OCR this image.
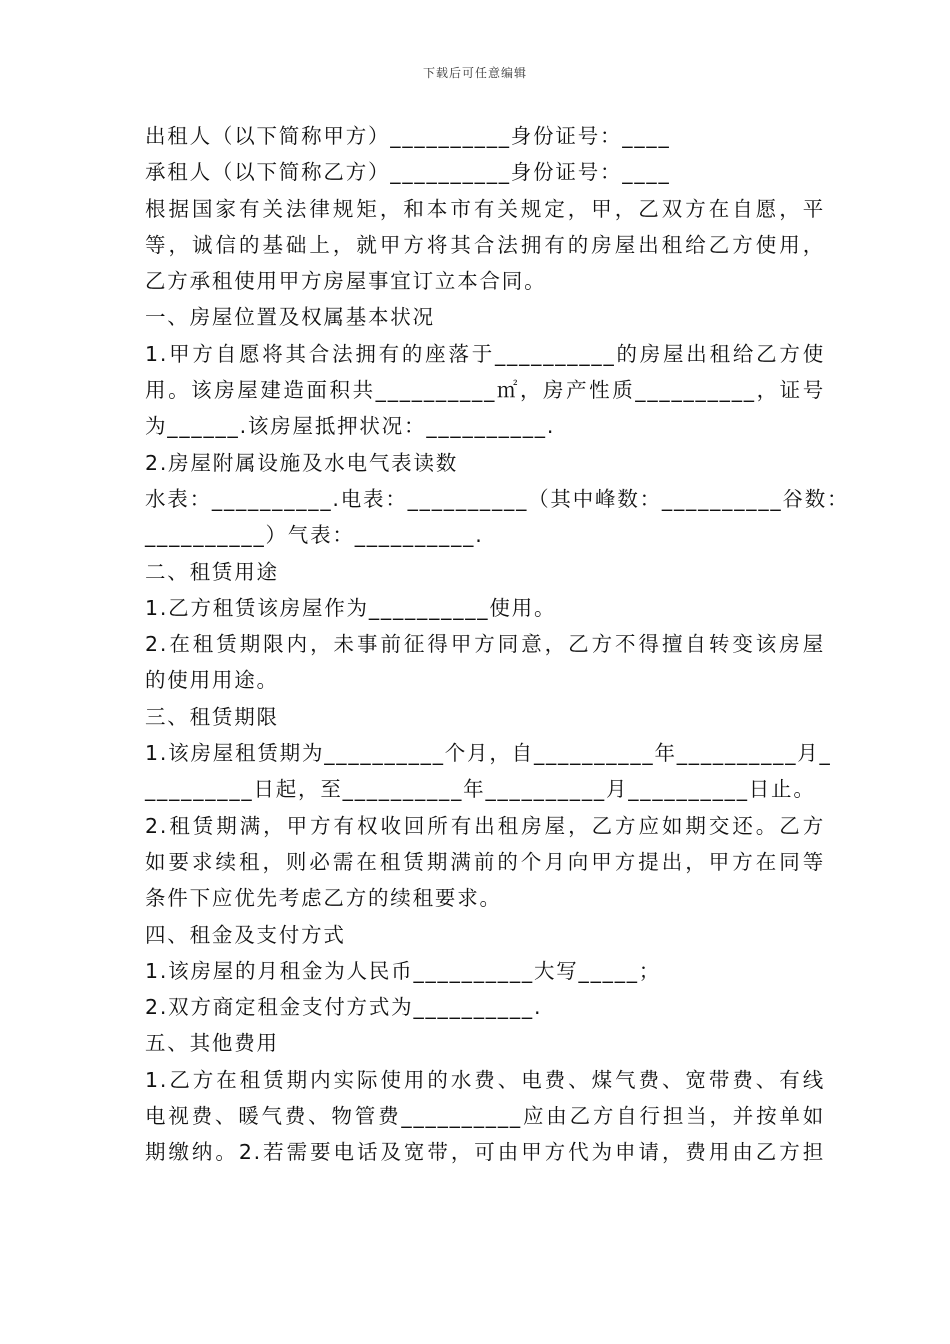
下载后可任意编辑
出租人（以下简称甲方）__________身份证号：____
承租人（以下简称乙方）__________身份证号：____
根据国家有关法律规矩，和本市有关规定，甲，乙双方在自愿，平
等，诚信的基础上，就甲方将其合法拥有的房屋出租给乙方使用，
乙方承租使用甲方房屋事宜订立本合同。
一、房屋位置及权属基本状况
1.甲方自愿将其合法拥有的座落于__________的房屋出租给乙方使
用。该房屋建造面积共__________㎡，房产性质__________，证号
为______.该房屋抵押状况：__________.
2.房屋附属设施及水电气表读数
水表：__________.电表：__________（其中峰数：__________谷数：
__________）气表：__________.
二、租赁用途
1.乙方租赁该房屋作为__________使用。
2.在租赁期限内，未事前征得甲方同意，乙方不得擅自转变该房屋
的使用用途。
三、租赁期限
1.该房屋租赁期为__________个月，自__________年__________月_
_________日起，至__________年__________月__________日止。
2.租赁期满，甲方有权收回所有出租房屋，乙方应如期交还。乙方
如要求续租，则必需在租赁期满前的个月向甲方提出，甲方在同等
条件下应优先考虑乙方的续租要求。
四、租金及支付方式
1.该房屋的月租金为人民币__________大写_____；
2.双方商定租金支付方式为__________.
五、其他费用
1.乙方在租赁期内实际使用的水费、电费、煤气费、宽带费、有线
电视费、暖气费、物管费__________应由乙方自行担当，并按单如
期缴纳。2.若需要电话及宽带，可由甲方代为申请，费用由乙方担
